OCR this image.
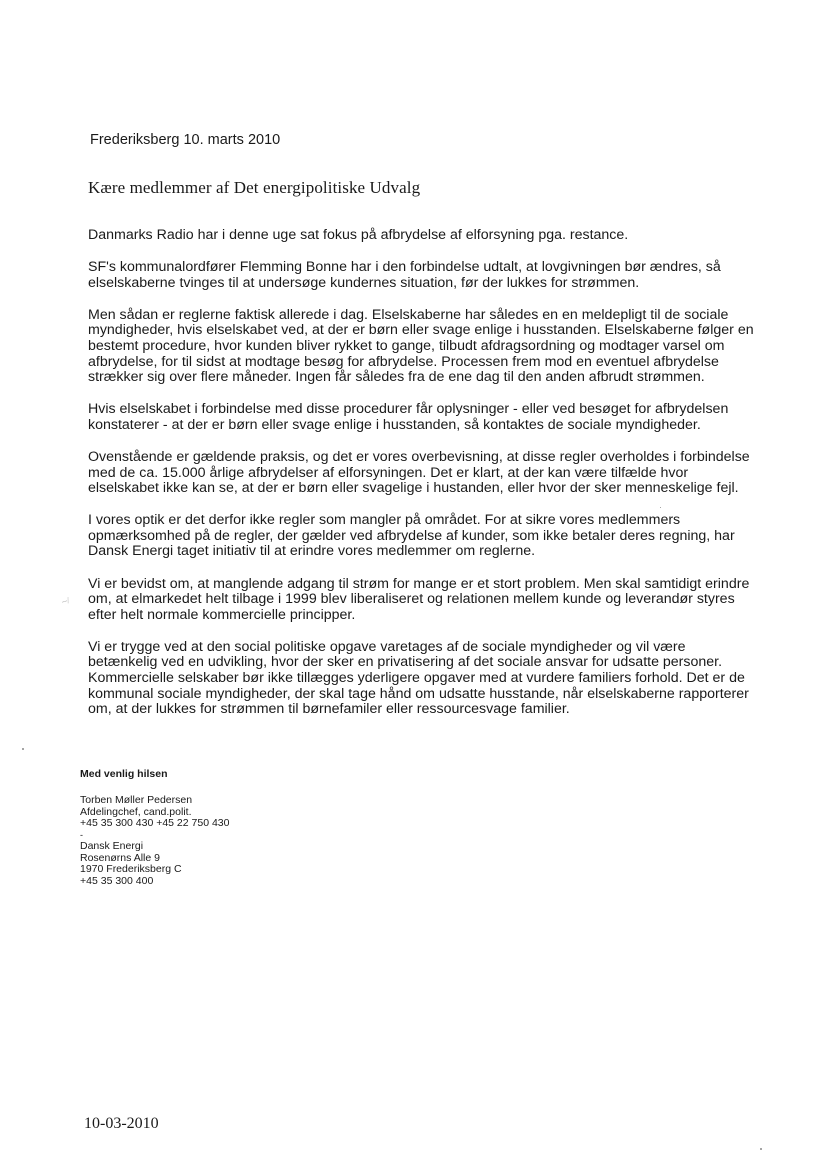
Frederiksberg 10. marts 2010
Kære medlemmer af Det energipolitiske Udvalg

Danmarks Radio har i denne uge sat fokus på afbrydelse af elforsyning pga. restance.

SF's kommunalordfører Flemming Bonne har i den forbindelse udtalt, at lovgivningen bør ændres, så elselskaberne tvinges til at undersøge kundernes situation, før der lukkes for strømmen.

Men sådan er reglerne faktisk allerede i dag. Elselskaberne har således en en meldepligt til de sociale myndigheder, hvis elselskabet ved, at der er børn eller svage enlige i husstanden. Elselskaberne følger en bestemt procedure, hvor kunden bliver rykket to gange, tilbudt afdragsordning og modtager varsel om afbrydelse, for til sidst at modtage besøg for afbrydelse. Processen frem mod en eventuel afbrydelse strækker sig over flere måneder. Ingen får således fra de ene dag til den anden afbrudt strømmen.

Hvis elselskabet i forbindelse med disse procedurer får oplysninger - eller ved besøget for afbrydelsen konstaterer - at der er børn eller svage enlige i husstanden, så kontaktes de sociale myndigheder.

Ovenstående er gældende praksis, og det er vores overbevisning, at disse regler overholdes i forbindelse med de ca. 15.000 årlige afbrydelser af elforsyningen. Det er klart, at der kan være tilfælde hvor elselskabet ikke kan se, at der er børn eller svagelige i hustanden, eller hvor der sker menneskelige fejl.

I vores optik er det derfor ikke regler som mangler på området. For at sikre vores medlemmers opmærksomhed på de regler, der gælder ved afbrydelse af kunder, som ikke betaler deres regning, har Dansk Energi taget initiativ til at erindre vores medlemmer om reglerne.

Vi er bevidst om, at manglende adgang til strøm for mange er et stort problem. Men skal samtidigt erindre om, at elmarkedet helt tilbage i 1999 blev liberaliseret og relationen mellem kunde og leverandør styres efter helt normale kommercielle principper.

Vi er trygge ved at den social politiske opgave varetages af de sociale myndigheder og vil være betænkelig ved en udvikling, hvor der sker en privatisering af det sociale ansvar for udsatte personer. Kommercielle selskaber bør ikke tillægges yderligere opgaver med at vurdere familiers forhold. Det er de kommunal sociale myndigheder, der skal tage hånd om udsatte husstande, når elselskaberne rapporterer om, at der lukkes for strømmen til børnefamiler eller ressourcesvage familier.

Med venlig hilsen
Torben Møller Pedersen
Afdelingchef, cand.polit.
+45 35 300 430 +45 22 750 430
-
Dansk Energi
Rosenørns Alle 9
1970 Frederiksberg C
+45 35 300 400
10-03-2010
~/
